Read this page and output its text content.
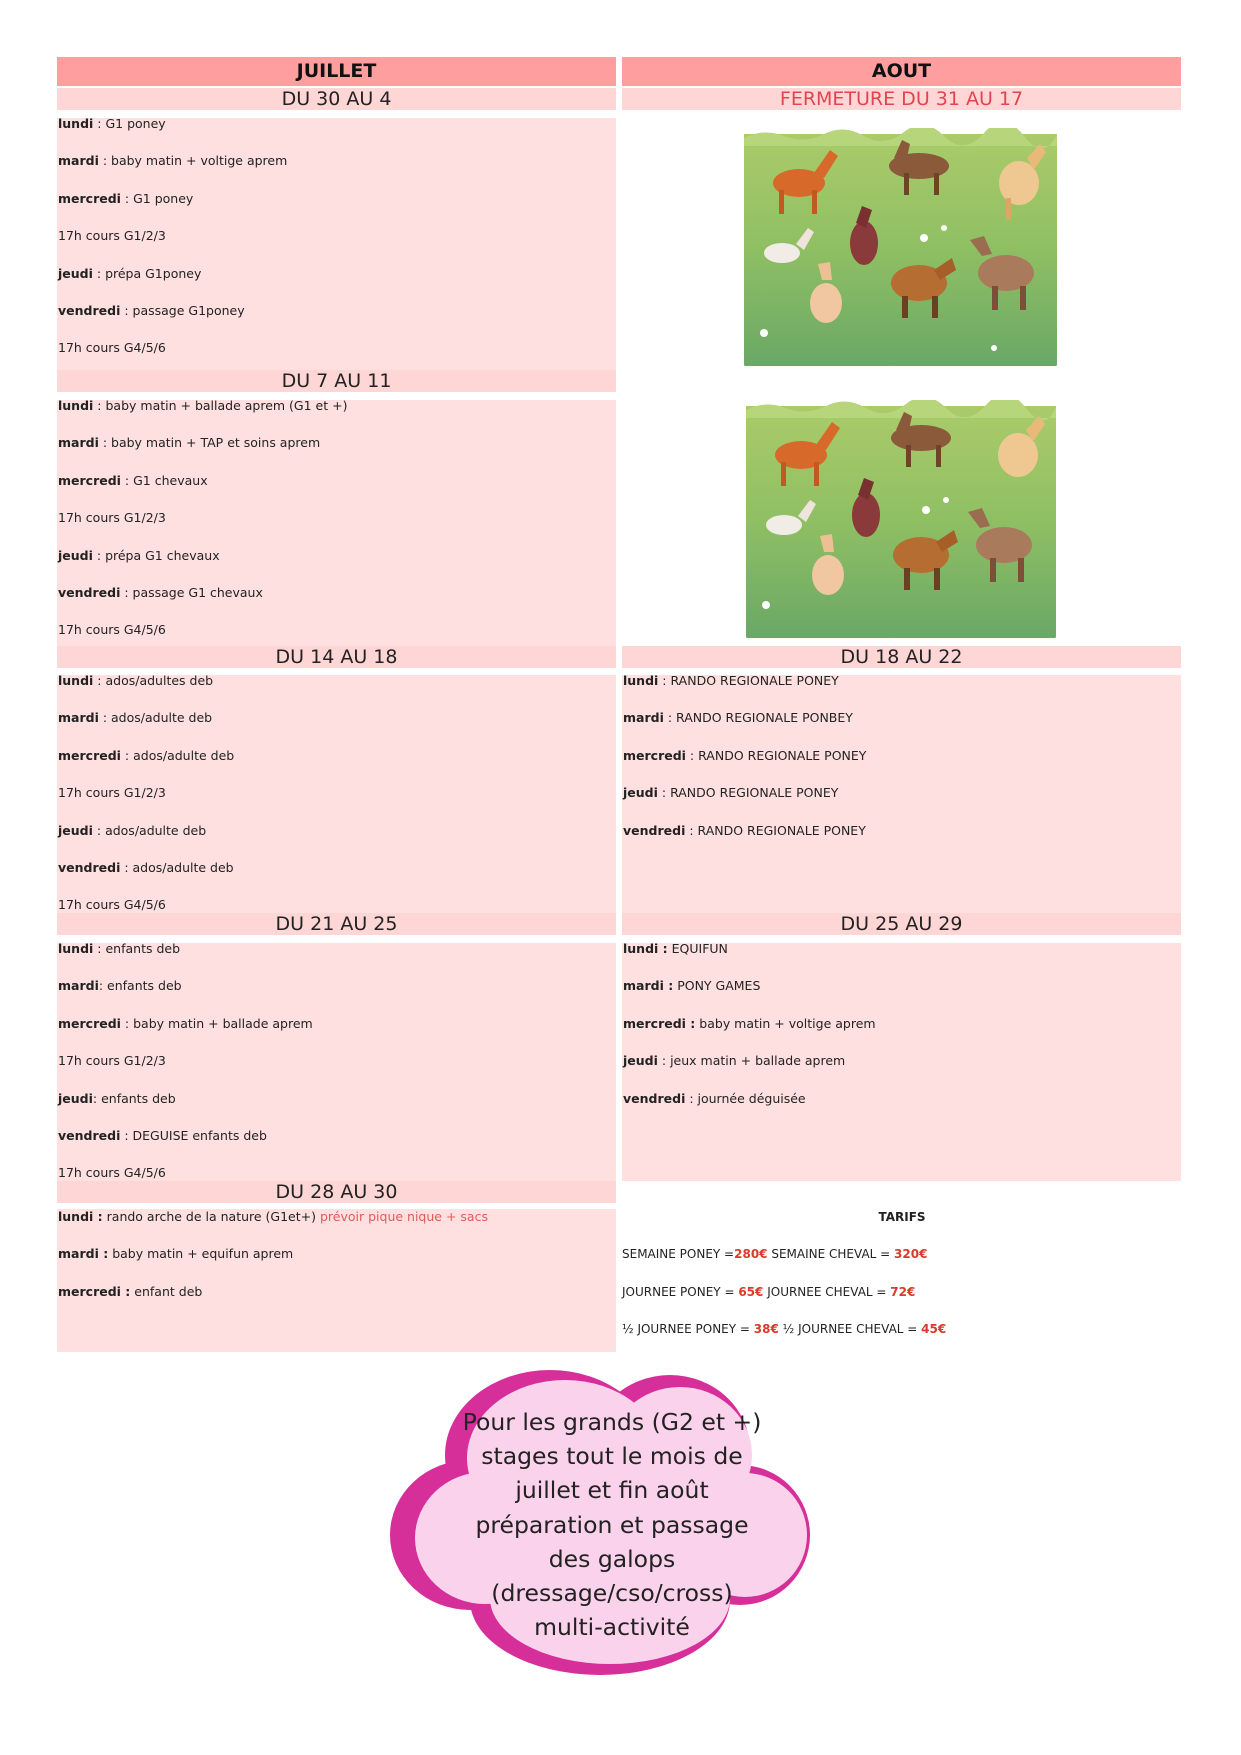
JUILLET	AOUT
DU 30 AU 4
lundi : G1 poney
mardi : baby matin + voltige aprem
mercredi : G1 poney
17h cours G1/2/3
jeudi : prépa G1poney
vendredi : passage G1poney
17h cours G4/5/6
DU 7 AU 11
lundi : baby matin + ballade aprem (G1 et +)
mardi : baby matin + TAP et soins aprem
mercredi : G1 chevaux
17h cours G1/2/3
jeudi : prépa G1 chevaux
vendredi : passage G1 chevaux
17h cours G4/5/6
DU 14 AU 18
lundi : ados/adultes deb
mardi : ados/adulte deb
mercredi : ados/adulte deb
17h cours G1/2/3
jeudi : ados/adulte deb
vendredi : ados/adulte deb
17h cours G4/5/6
DU 21 AU 25
lundi : enfants deb
mardi: enfants deb
mercredi : baby matin + ballade aprem
17h cours G1/2/3
jeudi: enfants deb
vendredi : DEGUISE enfants deb
17h cours G4/5/6
DU 28 AU 30
lundi : rando arche de la nature (G1et+) prévoir pique nique + sacs
mardi : baby matin + equifun aprem
mercredi : enfant deb
FERMETURE DU 31 AU 17
DU 18 AU 22
lundi : RANDO REGIONALE PONEY
mardi : RANDO REGIONALE PONBEY
mercredi : RANDO REGIONALE PONEY
jeudi : RANDO REGIONALE PONEY
vendredi : RANDO REGIONALE PONEY
DU 25 AU 29
lundi : EQUIFUN
mardi : PONY GAMES
mercredi : baby matin + voltige aprem
jeudi : jeux matin + ballade aprem
vendredi : journée déguisée
TARIFS
SEMAINE PONEY =280€ SEMAINE CHEVAL = 320€
JOURNEE PONEY = 65€ JOURNEE CHEVAL = 72€
½ JOURNEE PONEY = 38€ ½ JOURNEE CHEVAL = 45€
Pour les grands (G2 et +)
stages tout le mois de
juillet et fin août
préparation et passage
des galops
(dressage/cso/cross)
multi-activité
